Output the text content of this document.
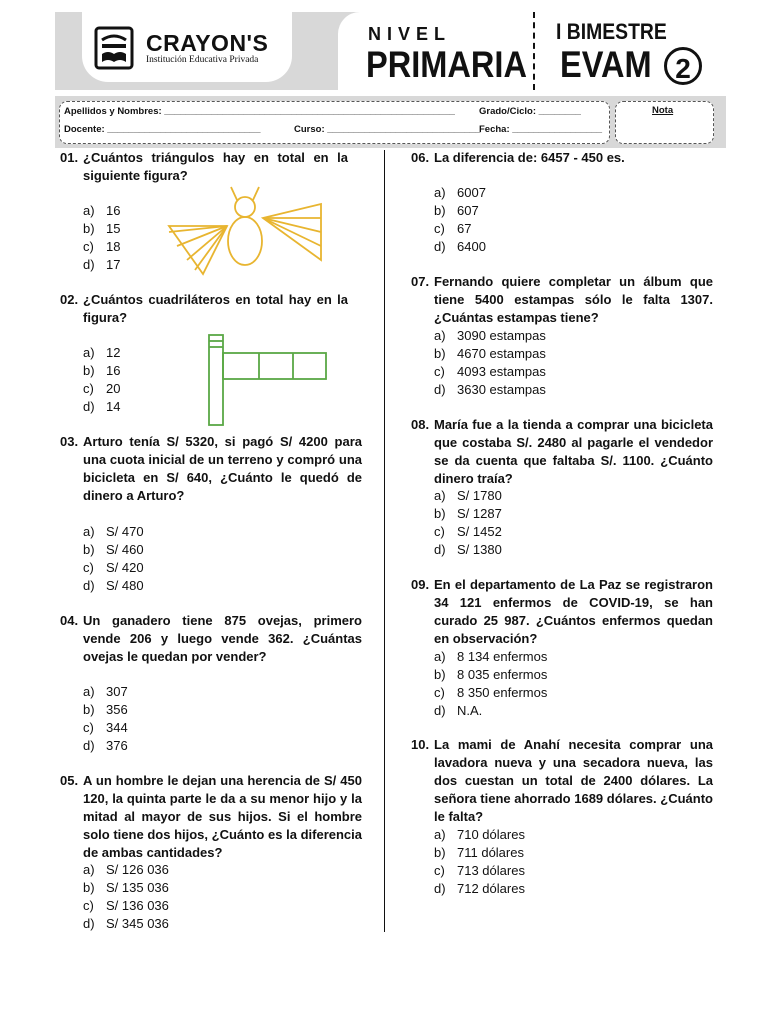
CRAYON'S
Institución Educativa Privada
NIVEL
PRIMARIA
I BIMESTRE
EVAM 2
Apellidos y Nombres: _______________________________________________________	Grado/Ciclo: ________
Docente: _____________________________	Curso: _____________________________
Fecha: _________________
Nota
01. ¿Cuántos triángulos hay en total en la siguiente figura?
a) 16
b) 15
c) 18
d) 17
02. ¿Cuántos cuadriláteros en total hay en la figura?
a) 12
b) 16
c) 20
d) 14
03. Arturo tenía S/ 5320, si pagó S/ 4200 para una cuota inicial de un terreno y compró una bicicleta en S/ 640, ¿Cuánto le quedó de dinero a Arturo?
a) S/ 470
b) S/ 460
c) S/ 420
d) S/ 480
04. Un ganadero tiene 875 ovejas, primero vende 206 y luego vende 362. ¿Cuántas ovejas le quedan por vender?
a) 307
b) 356
c) 344
d) 376
05. A un hombre le dejan una herencia de S/ 450 120, la quinta parte le da a su menor hijo y la mitad al mayor de sus hijos. Si el hombre solo tiene dos hijos, ¿Cuánto es la diferencia de ambas cantidades?
a) S/ 126 036
b) S/ 135 036
c) S/ 136 036
d) S/ 345 036
06. La diferencia de: 6457 - 450 es.
a) 6007
b) 607
c) 67
d) 6400
07. Fernando quiere completar un álbum que tiene 5400 estampas sólo le falta 1307. ¿Cuántas estampas tiene?
a) 3090 estampas
b) 4670 estampas
c) 4093 estampas
d) 3630 estampas
08. María fue a la tienda a comprar una bicicleta que costaba S/. 2480 al pagarle el vendedor se da cuenta que faltaba S/. 1100. ¿Cuánto dinero traía?
a) S/ 1780
b) S/ 1287
c) S/ 1452
d) S/ 1380
09. En el departamento de La Paz se registraron 34 121 enfermos de COVID-19, se han curado 25 987. ¿Cuántos enfermos quedan en observación?
a) 8 134 enfermos
b) 8 035 enfermos
c) 8 350 enfermos
d) N.A.
10. La mami de Anahí necesita comprar una lavadora nueva y una secadora nueva, las dos cuestan un total de 2400 dólares. La señora tiene ahorrado 1689 dólares. ¿Cuánto le falta?
a) 710 dólares
b) 711 dólares
c) 713 dólares
d) 712 dólares
